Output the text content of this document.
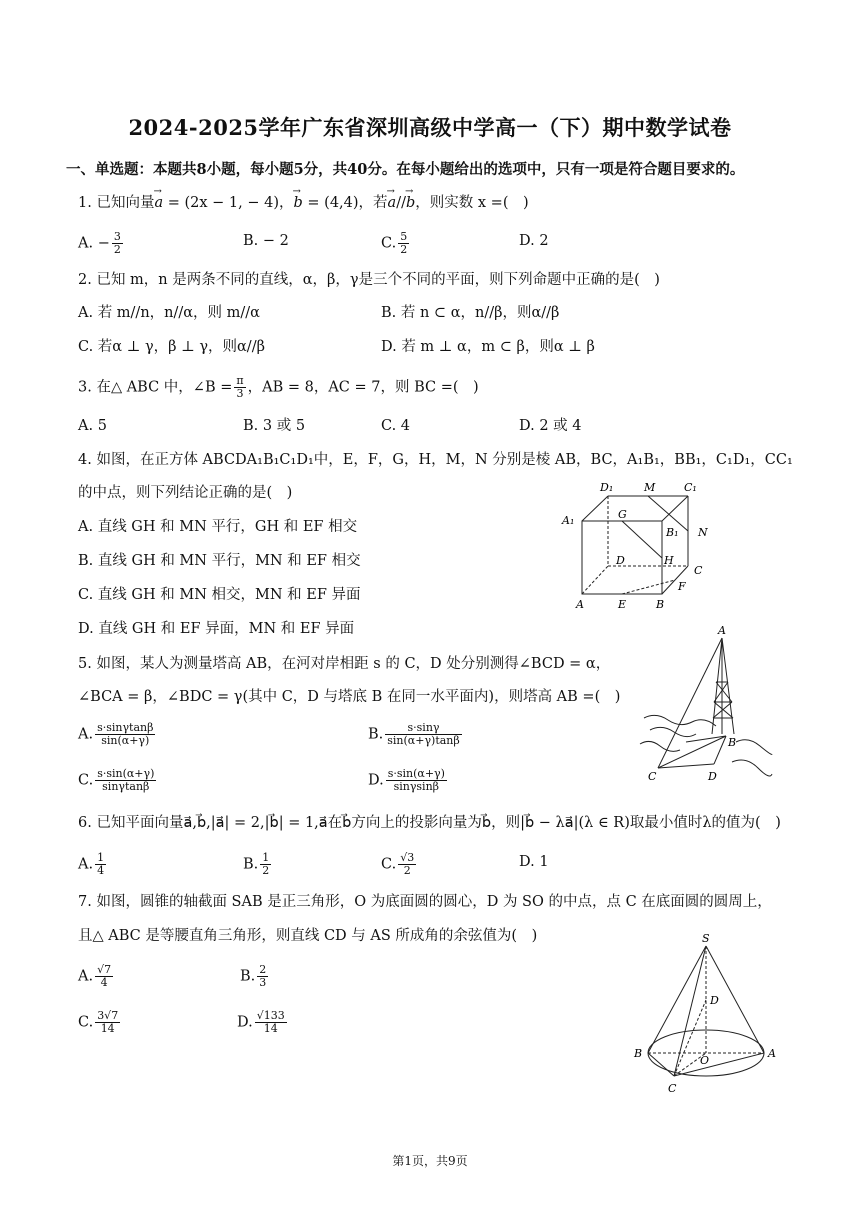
2024-2025学年广东省深圳高级中学高一（下）期中数学试卷
一、单选题：本题共8小题，每小题5分，共40分。在每小题给出的选项中，只有一项是符合题目要求的。
1. 已知向量→ a = (2x − 1, − 4)，→ b = (4,4)，若→ a//→ b，则实数 x =(　)
A. − $\frac{3}{2}$	B. − 2	C. $\frac{5}{2}$	D. 2
2. 已知 m，n 是两条不同的直线，α，β，γ是三个不同的平面，则下列命题中正确的是(　)
A. 若 m//n，n//α，则 m//α	B. 若 n ⊂ α，n//β，则α//β
C. 若α ⊥ γ，β ⊥ γ，则α//β	D. 若 m ⊥ α，m ⊂ β，则α ⊥ β
3. 在△ ABC 中，∠B = $\frac{\pi}{3}$ ，AB = 8，AC = 7，则 BC =(　)
A. 5	B. 3 或 5	C. 4	D. 2 或 4
4. 如图，在正方体 ABCDA₁B₁C₁D₁中，E，F，G，H，M，N 分别是棱 AB，BC，A₁B₁，BB₁，C₁D₁，CC₁
的中点，则下列结论正确的是(　)
A. 直线 GH 和 MN 平行，GH 和 EF 相交
B. 直线 GH 和 MN 平行，MN 和 EF 相交
C. 直线 GH 和 MN 相交，MN 和 EF 异面
D. 直线 GH 和 EF 异面，MN 和 EF 异面
D₁	M	C₁
A₁	G
B₁ N
D	H
C
A	E	B
F
5. 如图，某人为测量塔高 AB，在河对岸相距 s 的 C，D 处分别测得∠BCD = α，
∠BCA = β，∠BDC = γ(其中 C，D 与塔底 B 在同一水平面内)，则塔高 AB =(　)
A. $\frac{s\cdot\sin\gamma\tan\beta}{\sin(\alpha+\gamma)}$	B. $\frac{s\cdot\sin\gamma}{\sin(\alpha+\gamma)\tan\beta}$
C. $\frac{s\cdot\sin(\alpha+\gamma)}{\sin\gamma\tan\beta}$	D. $\frac{s\cdot\sin(\alpha+\gamma)}{\sin\gamma\sin\beta}$
A
B
C	D
6. 已知平面向量a⃗,b⃗,|a⃗| = 2,|b⃗| = 1,a⃗在b⃗方向上的投影向量为b⃗，则|b⃗ − λa⃗|(λ ∈ R)取最小值时λ的值为(　)
A. $\frac{1}{4}$	B. $\frac{1}{2}$	C. $\frac{√3}{2}$	D. 1
7. 如图，圆锥的轴截面 SAB 是正三角形，O 为底面圆的圆心，D 为 SO 的中点，点 C 在底面圆的圆周上，
且△ ABC 是等腰直角三角形，则直线 CD 与 AS 所成角的余弦值为(　)
A. $\frac{√7}{4}$	B. $\frac{2}{3}$
C. $\frac{3√7}{14}$	D. $\frac{√133}{14}$
S
D
B
O
A
C
第1页，共9页
